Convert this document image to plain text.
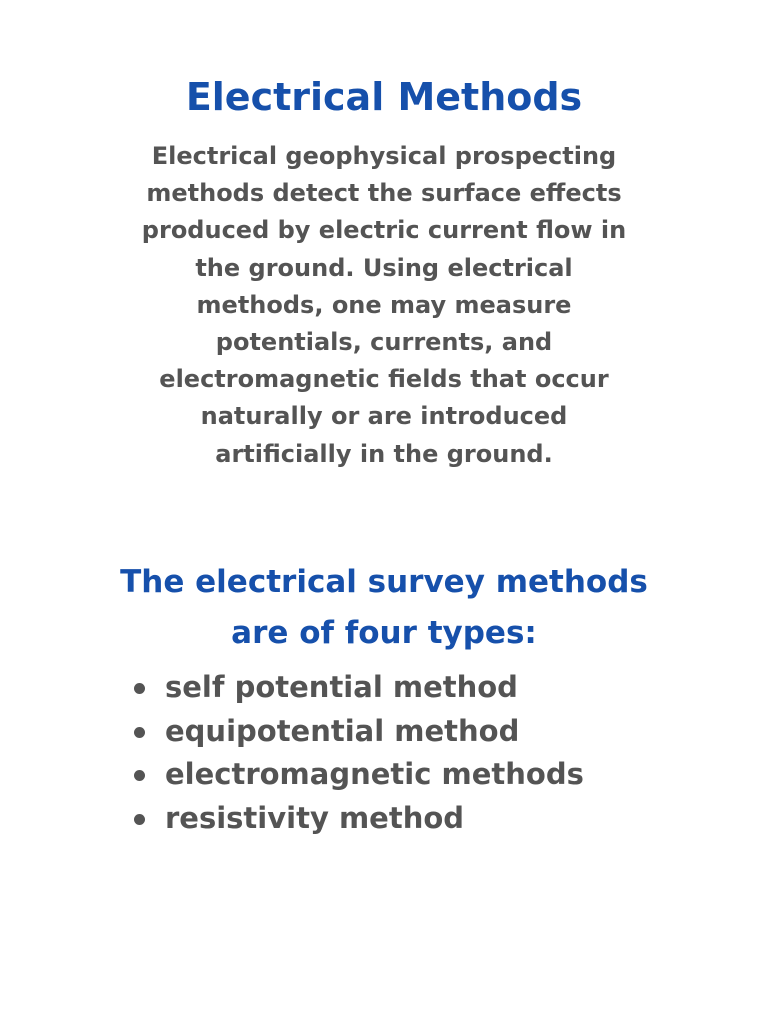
Electrical Methods

Electrical geophysical prospecting
methods detect the surface effects
produced by electric current flow in
the ground. Using electrical
methods, one may measure
potentials, currents, and
electromagnetic fields that occur
naturally or are introduced
artificially in the ground.

The electrical survey methods
are of four types:
self potential method
equipotential method
electromagnetic methods
resistivity method
